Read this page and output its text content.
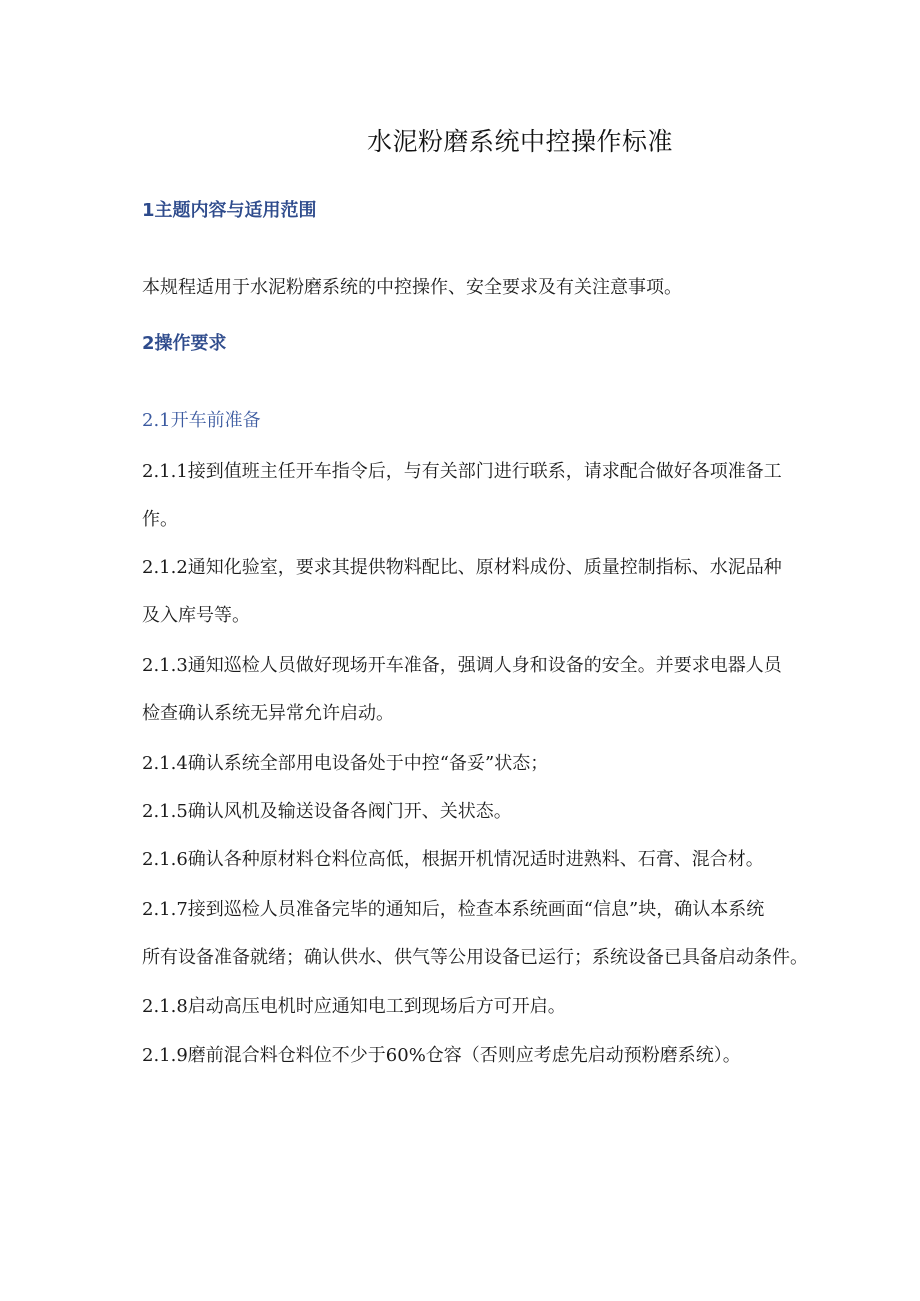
水泥粉磨系统中控操作标准
1主题内容与适用范围
本规程适用于水泥粉磨系统的中控操作、安全要求及有关注意事项。
2操作要求
2.1开车前准备
2.1.1接到值班主任开车指令后，与有关部门进行联系，请求配合做好各项准备工
作。
2.1.2通知化验室，要求其提供物料配比、原材料成份、质量控制指标、水泥品种
及入库号等。
2.1.3通知巡检人员做好现场开车准备，强调人身和设备的安全。并要求电器人员
检查确认系统无异常允许启动。
2.1.4确认系统全部用电设备处于中控“备妥”状态；
2.1.5确认风机及输送设备各阀门开、关状态。
2.1.6确认各种原材料仓料位高低，根据开机情况适时进熟料、石膏、混合材。
2.1.7接到巡检人员准备完毕的通知后，检查本系统画面“信息”块，确认本系统
所有设备准备就绪；确认供水、供气等公用设备已运行；系统设备已具备启动条件。
2.1.8启动高压电机时应通知电工到现场后方可开启。
2.1.9磨前混合料仓料位不少于60%仓容（否则应考虑先启动预粉磨系统）。
